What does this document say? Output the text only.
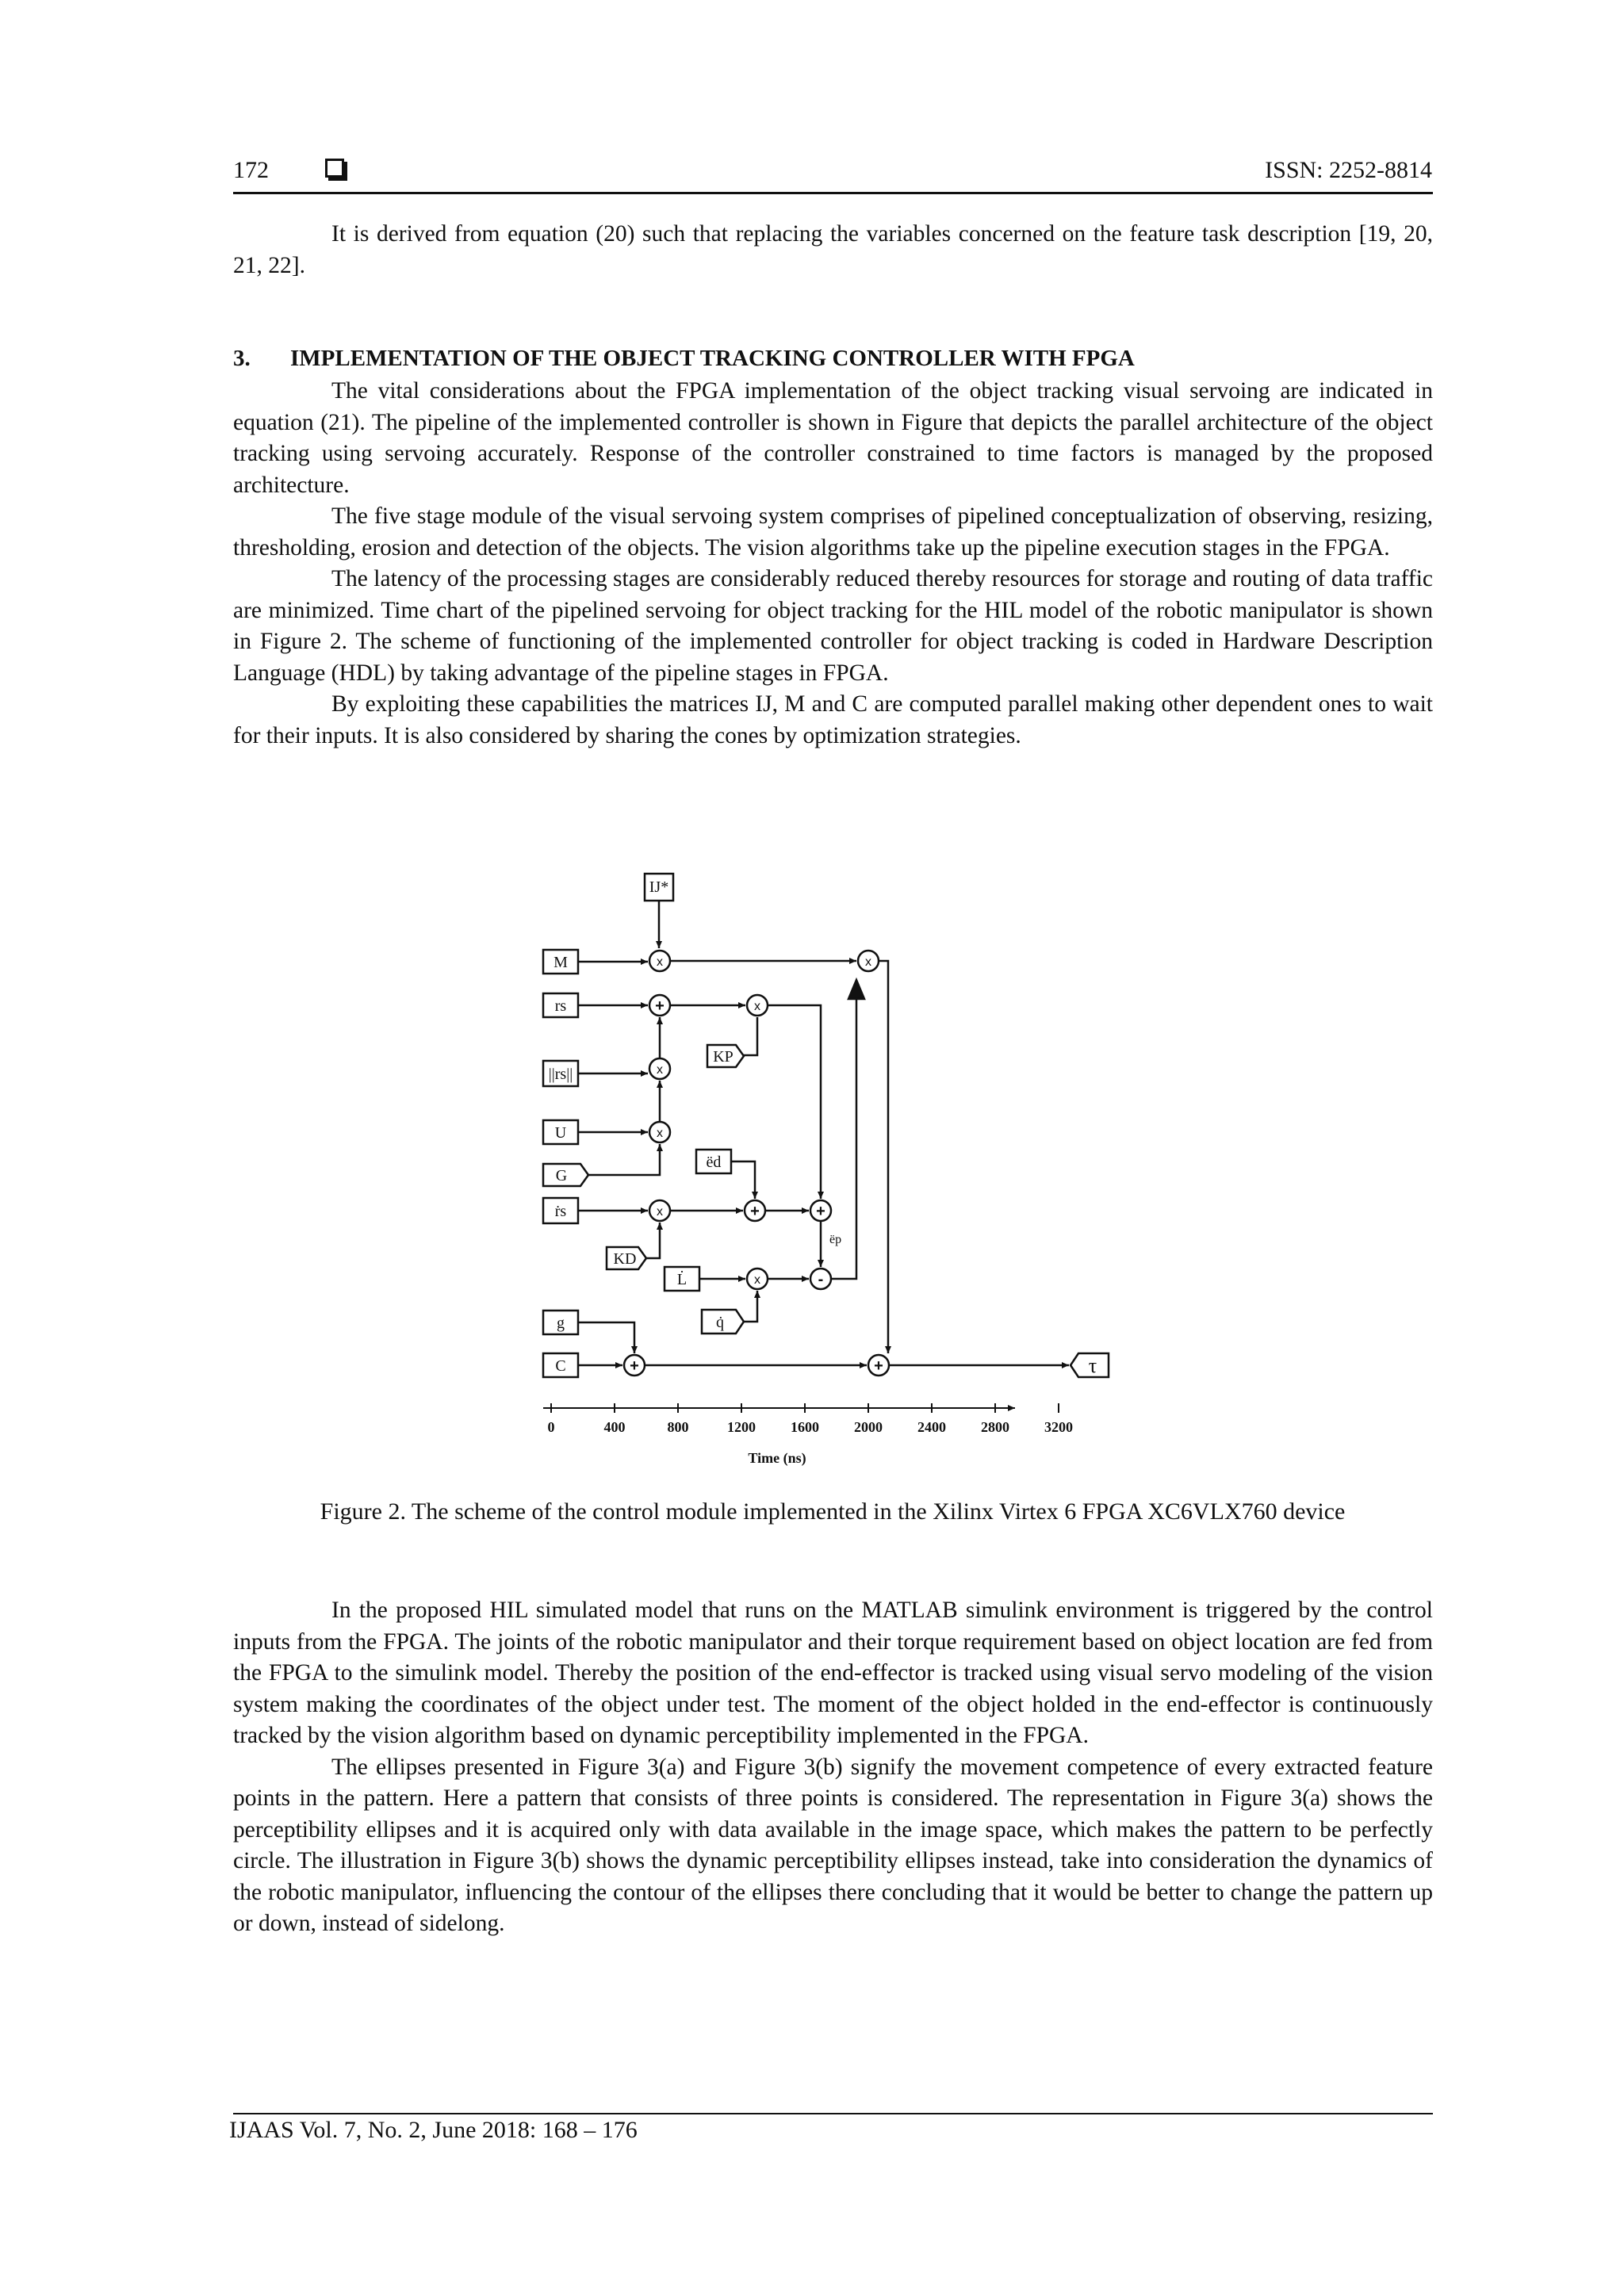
172	ISSN: 2252-8814

It is derived from equation (20) such that replacing the variables concerned on the feature task description [19, 20, 21, 22].

3. IMPLEMENTATION OF THE OBJECT TRACKING CONTROLLER WITH FPGA

The vital considerations about the FPGA implementation of the object tracking visual servoing are indicated in equation (21). The pipeline of the implemented controller is shown in Figure that depicts the parallel architecture of the object tracking using servoing accurately. Response of the controller constrained to time factors is managed by the proposed architecture.

The five stage module of the visual servoing system comprises of pipelined conceptualization of observing, resizing, thresholding, erosion and detection of the objects. The vision algorithms take up the pipeline execution stages in the FPGA.

The latency of the processing stages are considerably reduced thereby resources for storage and routing of data traffic are minimized. Time chart of the pipelined servoing for object tracking for the HIL model of the robotic manipulator is shown in Figure 2. The scheme of functioning of the implemented controller for object tracking is coded in Hardware Description Language (HDL) by taking advantage of the pipeline stages in FPGA.

By exploiting these capabilities the matrices IJ, M and C are computed parallel making other dependent ones to wait for their inputs. It is also considered by sharing the cones by optimization strategies.

IJ*
M
rs
||rs||
U
G
ṙs
KP
KD
ëd
L̇
q̇
g
C	τ
ëp
x
+
x
x
x
x
+	+
x	-
x
+	+
0	400	800	1200 1600 2000 2400 2800 3200
Time (ns)
Figure 2. The scheme of the control module implemented in the Xilinx Virtex 6 FPGA XC6VLX760 device

In the proposed HIL simulated model that runs on the MATLAB simulink environment is triggered by the control inputs from the FPGA. The joints of the robotic manipulator and their torque requirement based on object location are fed from the FPGA to the simulink model. Thereby the position of the end-effector is tracked using visual servo modeling of the vision system making the coordinates of the object under test. The moment of the object holded in the end-effector is continuously tracked by the vision algorithm based on dynamic perceptibility implemented in the FPGA.

The ellipses presented in Figure 3(a) and Figure 3(b) signify the movement competence of every extracted feature points in the pattern. Here a pattern that consists of three points is considered. The representation in Figure 3(a) shows the perceptibility ellipses and it is acquired only with data available in the image space, which makes the pattern to be perfectly circle. The illustration in Figure 3(b) shows the dynamic perceptibility ellipses instead, take into consideration the dynamics of the robotic manipulator, influencing the contour of the ellipses there concluding that it would be better to change the pattern up or down, instead of sidelong.

IJAAS Vol. 7, No. 2, June 2018: 168 – 176
